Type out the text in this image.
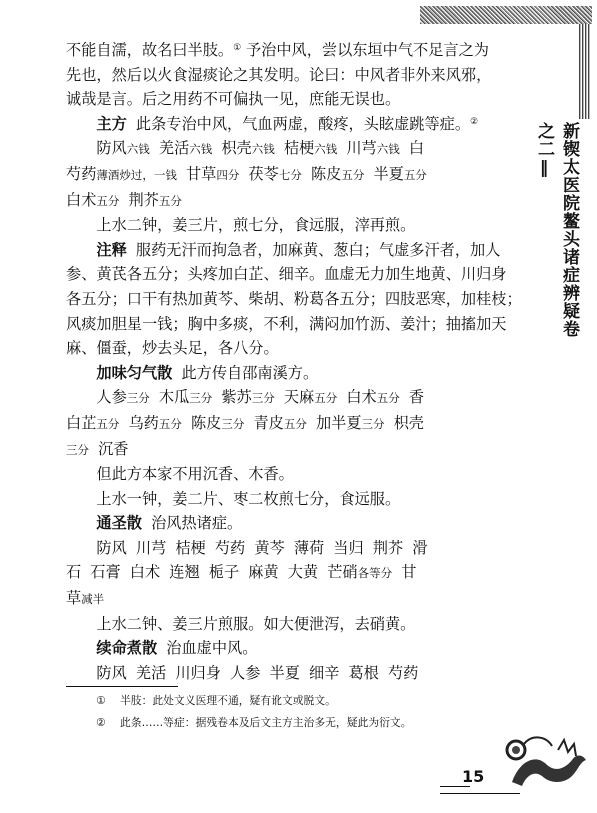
新锲太医院鳌头诸症辨疑卷之二‖

不能自濡，故名曰半肢。① 予治中风，尝以东垣中气不足言之为

先也，然后以火食湿痰论之其发明。论曰：中风者非外来风邪，

诚哉是言。后之用药不可偏执一见，庶能无误也。

主方 此条专治中风，气血两虚，酸疼，头眩虚跳等症。②

防风六钱 羌活六钱 枳壳六钱 桔梗六钱 川芎六钱 白

芍药薄酒炒过，一钱 甘草四分 茯苓七分 陈皮五分 半夏五分

白术五分 荆芥五分

上水二钟，姜三片，煎七分，食远服，滓再煎。

注释 服药无汗而拘急者，加麻黄、葱白；气虚多汗者，加人

参、黄芪各五分；头疼加白芷、细辛。血虚无力加生地黄、川归身

各五分；口干有热加黄芩、柴胡、粉葛各五分；四肢恶寒，加桂枝；

风痰加胆星一钱；胸中多痰，不利，满闷加竹沥、姜汁；抽搐加天

麻、僵蚕，炒去头足，各八分。

加味匀气散 此方传自邵南溪方。

人参三分 木瓜三分 紫苏三分 天麻五分 白术五分 香

白芷五分 乌药五分 陈皮三分 青皮五分 加半夏三分 枳壳

三分 沉香

但此方本家不用沉香、木香。

上水一钟，姜二片、枣二枚煎七分，食远服。

通圣散 治风热诸症。

防风 川芎 桔梗 芍药 黄芩 薄荷 当归 荆芥 滑

石 石膏 白术 连翘 栀子 麻黄 大黄 芒硝各等分 甘

草减半

上水二钟、姜三片煎服。如大便泄泻，去硝黄。

续命煮散 治血虚中风。

防风 羌活 川归身 人参 半夏 细辛 葛根 芍药

① 半肢：此处文义医理不通，疑有讹文或脱文。
② 此条……等症：据残卷本及后文主方主治多无，疑此为衍文。
15
